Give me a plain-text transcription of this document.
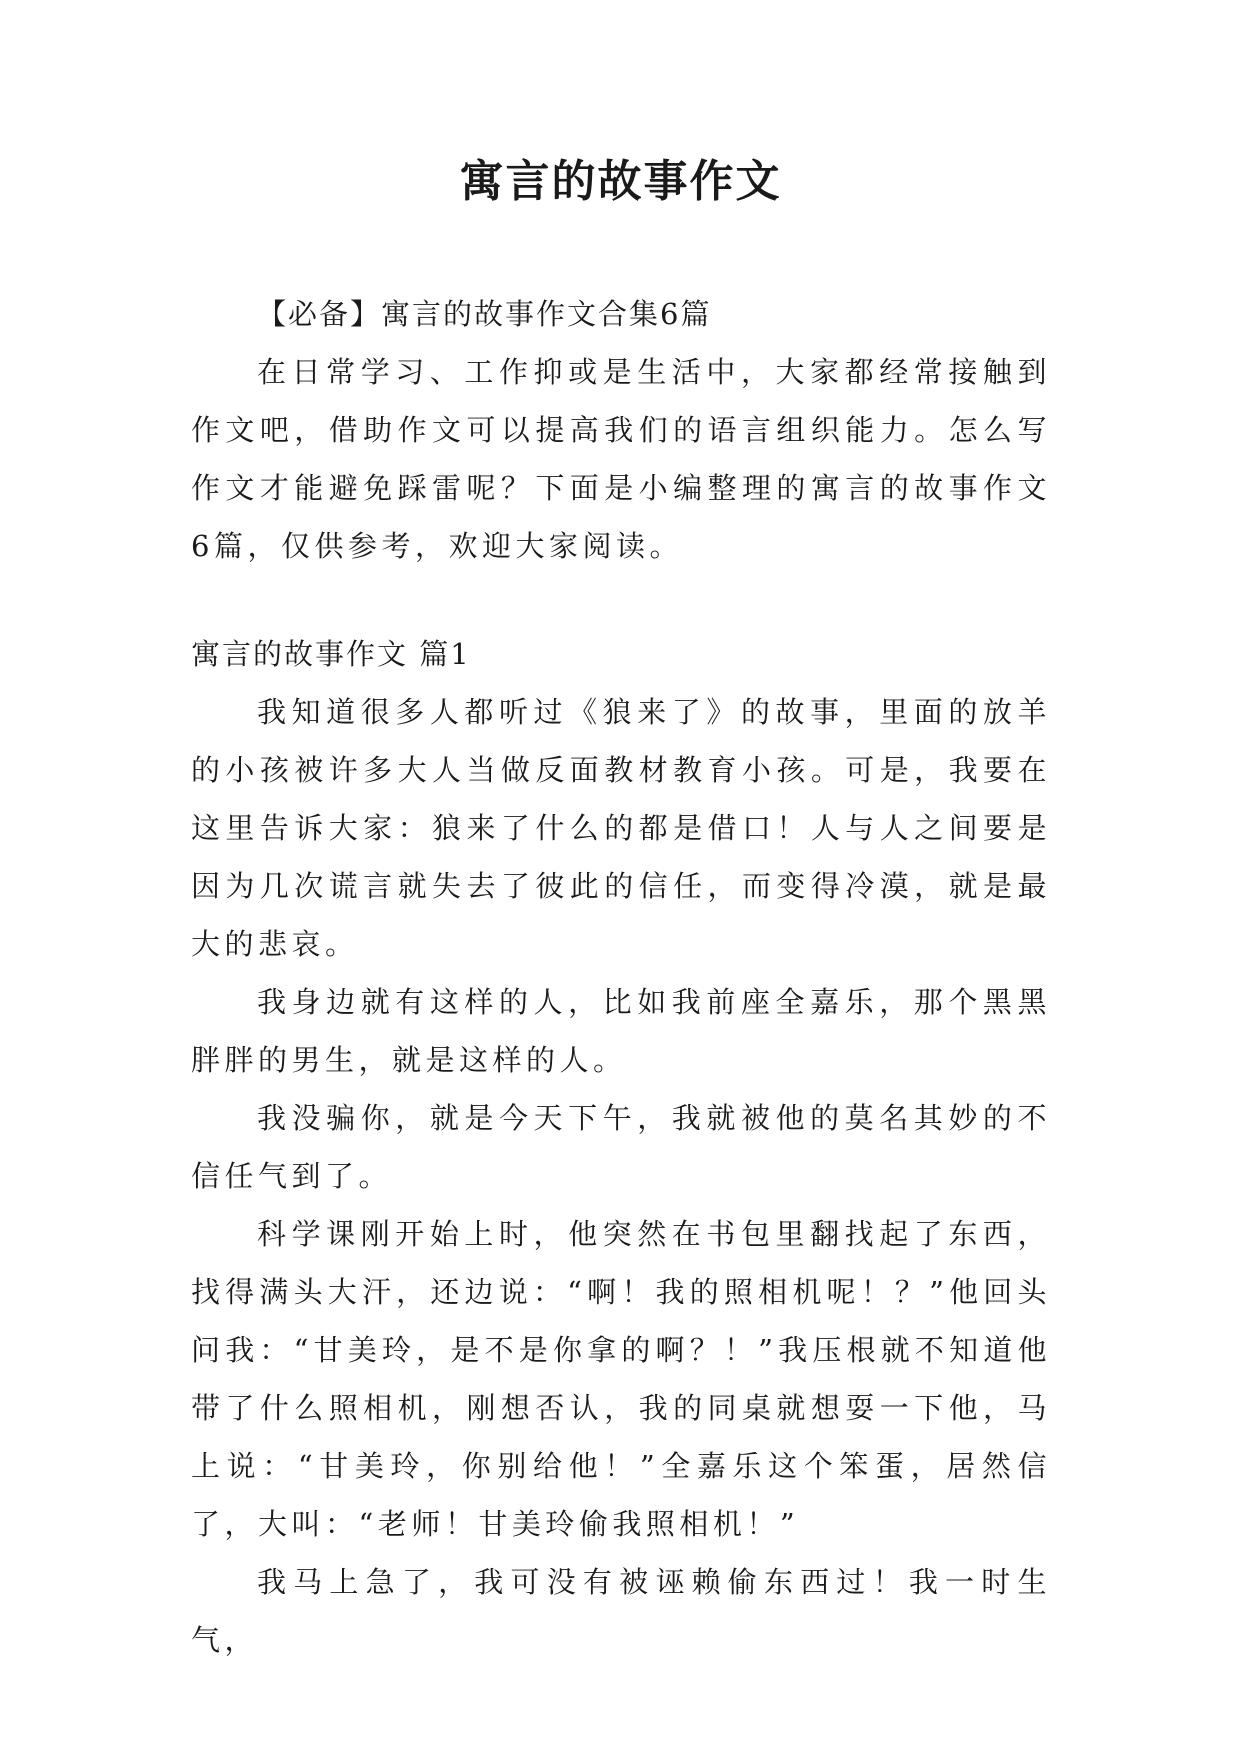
寓言的故事作文

【必备】寓言的故事作文合集6篇

在日常学习、工作抑或是生活中，大家都经常接触到作文吧，借助作文可以提高我们的语言组织能力。怎么写作文才能避免踩雷呢？下面是小编整理的寓言的故事作文6篇，仅供参考，欢迎大家阅读。

寓言的故事作文 篇1

我知道很多人都听过《狼来了》的故事，里面的放羊的小孩被许多大人当做反面教材教育小孩。可是，我要在这里告诉大家：狼来了什么的都是借口！人与人之间要是因为几次谎言就失去了彼此的信任，而变得冷漠，就是最大的悲哀。

我身边就有这样的人，比如我前座全嘉乐，那个黑黑胖胖的男生，就是这样的人。

我没骗你，就是今天下午，我就被他的莫名其妙的不信任气到了。

科学课刚开始上时，他突然在书包里翻找起了东西，找得满头大汗，还边说：“啊！我的照相机呢！？”他回头问我：“甘美玲，是不是你拿的啊？！”我压根就不知道他带了什么照相机，刚想否认，我的同桌就想耍一下他，马上说：“甘美玲，你别给他！”全嘉乐这个笨蛋，居然信了，大叫：“老师！甘美玲偷我照相机！”

我马上急了，我可没有被诬赖偷东西过！我一时生气，
